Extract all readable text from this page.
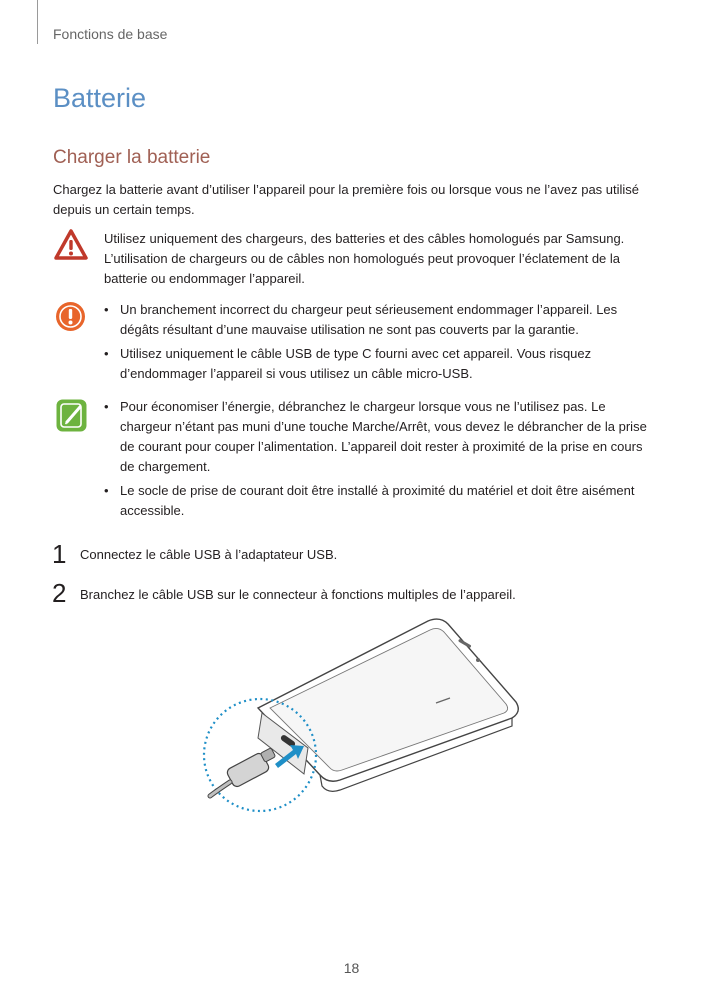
Fonctions de base
Batterie
Charger la batterie

Chargez la batterie avant d’utiliser l’appareil pour la première fois ou lorsque vous ne l’avez pas utilisé depuis un certain temps.

Utilisez uniquement des chargeurs, des batteries et des câbles homologués par Samsung. L’utilisation de chargeurs ou de câbles non homologués peut provoquer l’éclatement de la batterie ou endommager l’appareil.

• Un branchement incorrect du chargeur peut sérieusement endommager l’appareil. Les dégâts résultant d’une mauvaise utilisation ne sont pas couverts par la garantie.
• Utilisez uniquement le câble USB de type C fourni avec cet appareil. Vous risquez d’endommager l’appareil si vous utilisez un câble micro-USB.
• Pour économiser l’énergie, débranchez le chargeur lorsque vous ne l’utilisez pas. Le chargeur n’étant pas muni d’une touche Marche/Arrêt, vous devez le débrancher de la prise de courant pour couper l’alimentation. L’appareil doit rester à proximité de la prise en cours de chargement.
• Le socle de prise de courant doit être installé à proximité du matériel et doit être aisément accessible.
1 Connectez le câble USB à l’adaptateur USB.
2 Branchez le câble USB sur le connecteur à fonctions multiples de l’appareil.
18
